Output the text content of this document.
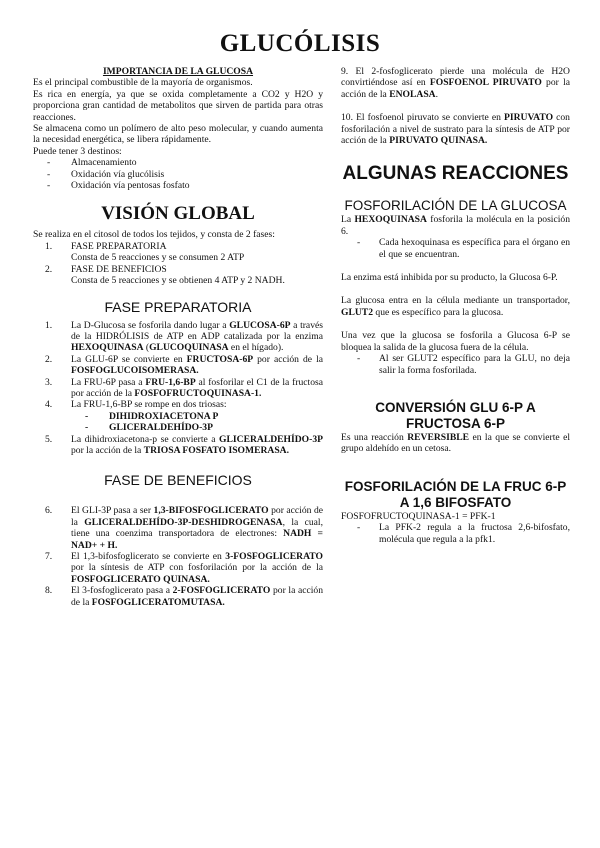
GLUCÓLISIS
IMPORTANCIA DE LA GLUCOSA
Es el principal combustible de la mayoría de organismos.
Es rica en energía, ya que se oxida completamente a CO2 y H2O y proporciona gran cantidad de metabolitos que sirven de partida para otras reacciones.
Se almacena como un polímero de alto peso molecular, y cuando aumenta la necesidad energética, se libera rápidamente.
Puede tener 3 destinos:
- Almacenamiento
- Oxidación vía glucólisis
- Oxidación vía pentosas fosfato
VISIÓN GLOBAL
Se realiza en el citosol de todos los tejidos, y consta de 2 fases:
1. FASE PREPARATORIA
Consta de 5 reacciones y se consumen 2 ATP
2. FASE DE BENEFICIOS
Consta de 5 reacciones y se obtienen 4 ATP y 2 NADH.
FASE PREPARATORIA
1. La D-Glucosa se fosforila dando lugar a GLUCOSA-6P a través de la HIDRÓLISIS de ATP en ADP catalizada por la enzima HEXOQUINASA (GLUCOQUINASA en el hígado).
2. La GLU-6P se convierte en FRUCTOSA-6P por acción de la FOSFOGLUCOISOMERASA.
3. La FRU-6P pasa a FRU-1,6-BP al fosforilar el C1 de la fructosa por acción de la FOSFOFRUCTOQUINASA-1.
4. La FRU-1,6-BP se rompe en dos triosas:
- DIHIDROXIACETONA P
- GLICERALDEHÍDO-3P
5. La dihidroxiacetona-p se convierte a GLICERALDEHÍDO-3P por la acción de la TRIOSA FOSFATO ISOMERASA.
FASE DE BENEFICIOS
6. El GLI-3P pasa a ser 1,3-BIFOSFOGLICERATO por acción de la GLICERALDEHÍDO-3P-DESHIDROGENASA, la cual, tiene una coenzima transportadora de electrones: NADH = NAD+ + H.
7. El 1,3-bifosfoglicerato se convierte en 3-FOSFOGLICERATO por la síntesis de ATP con fosforilación por la acción de la FOSFOGLICERATO QUINASA.
8. El 3-fosfoglicerato pasa a 2-FOSFOGLICERATO por la acción de la FOSFOGLICERATOMUTASA.
9. El 2-fosfoglicerato pierde una molécula de H2O convirtiéndose así en FOSFOENOL PIRUVATO por la acción de la ENOLASA.
10. El fosfoenol piruvato se convierte en PIRUVATO con fosforilación a nivel de sustrato para la síntesis de ATP por acción de la PIRUVATO QUINASA.
ALGUNAS REACCIONES
FOSFORILACIÓN DE LA GLUCOSA
La HEXOQUINASA fosforila la molécula en la posición 6.
- Cada hexoquinasa es específica para el órgano en el que se encuentran.
La enzima está inhibida por su producto, la Glucosa 6-P.
La glucosa entra en la célula mediante un transportador, GLUT2 que es específico para la glucosa.
Una vez que la glucosa se fosforila a Glucosa 6-P se bloquea la salida de la glucosa fuera de la célula.
- Al ser GLUT2 específico para la GLU, no deja salir la forma fosforilada.
CONVERSIÓN GLU 6-P A FRUCTOSA 6-P
Es una reacción REVERSIBLE en la que se convierte el grupo aldehído en un cetosa.
FOSFORILACIÓN DE LA FRUC 6-P A 1,6 BIFOSFATO
FOSFOFRUCTOQUINASA-1 = PFK-1
- La PFK-2 regula a la fructosa 2,6-bifosfato, molécula que regula a la pfk1.
